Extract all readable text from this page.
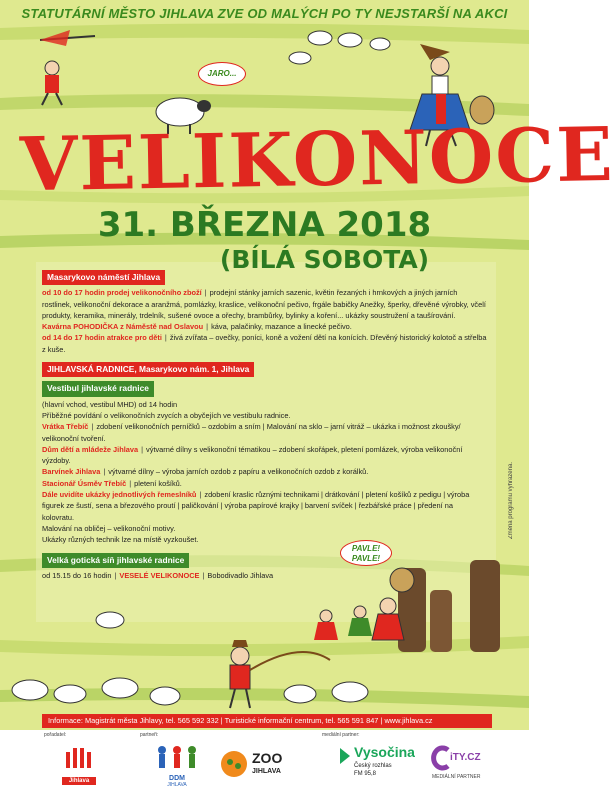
STATUTÁRNÍ MĚSTO JIHLAVA ZVE OD MALÝCH PO TY NEJSTARŠÍ NA AKCI
JARO...
VELIKONOCE
31. BŘEZNA 2018
(BÍLÁ SOBOTA)
PAVLE! PAVLE!
Masarykovo náměstí Jihlava

od 10 do 17 hodin prodej velikonočního zboží | prodejní stánky jarních sazenic, květin řezaných i hrnkových a jiných jarních rostlinek, velikonoční dekorace a aranžmá, pomlázky, kraslice, velikonoční pečivo, frgále babičky Anežky, šperky, dřevěné výrobky, včelí produkty, keramika, minerály, trdelník, sušené ovoce a ořechy, brambůrky, bylinky a koření... ukázky soustružení a taušírování.

Kavárna POHODIČKA z Náměstě nad Oslavou | káva, palačinky, mazance a linecké pečivo.

od 14 do 17 hodin atrakce pro děti | živá zvířata – ovečky, poníci, koně a vožení dětí na konících. Dřevěný historický kolotoč a střelba z kuše.

JIHLAVSKÁ RADNICE, Masarykovo nám. 1, Jihlava
Vestibul jihlavské radnice

(hlavní vchod, vestibul MHD) od 14 hodin

Příběžné povídání o velikonočních zvycích a obyčejích ve vestibulu radnice.

Vrátka Třebíč | zdobení velikonočních perníčků – ozdobím a sním | Malování na sklo – jarní vitráž – ukázka i možnost zkoušky/ velikonoční tvoření.

Dům dětí a mládeže Jihlava | výtvarné dílny s velikonoční tématikou – zdobení skořápek, pletení pomlázek, výroba velikonoční výzdoby.

Barvínek Jihlava | výtvarné dílny – výroba jarních ozdob z papíru a velikonočních ozdob z korálků.

Stacionář Úsměv Třebíč | pletení košíků.

Dále uvidíte ukázky jednotlivých řemeslníků | zdobení kraslic různými technikami | drátkování | pletení košíků z pedigu | výroba figurek ze šustí, sena a březového proutí | paličkování | výroba papírové krajky | barvení svíček | řezbářské práce | předení na kolovratu.

Malování na obličej – velikonoční motivy.

Ukázky různých technik lze na místě vyzkoušet.

Velká gotická síň jihlavské radnice

od 15.15 do 16 hodin | VESELÉ VELIKONOCE | Bobodivadlo Jihlava

Změna programu vyhrazena.
Informace: Magistrát města Jihlavy, tel. 565 592 332 | Turistické informační centrum, tel. 565 591 847 | www.jihlava.cz
pořadatel:	partneři:	mediální partner:
Jihlava	DDM
JIHLAVA
ZOO
JIHLAVA
Vysočina
Český rozhlas
FM 95,8
iTY.CZ
MEDIÁLNÍ PARTNER
